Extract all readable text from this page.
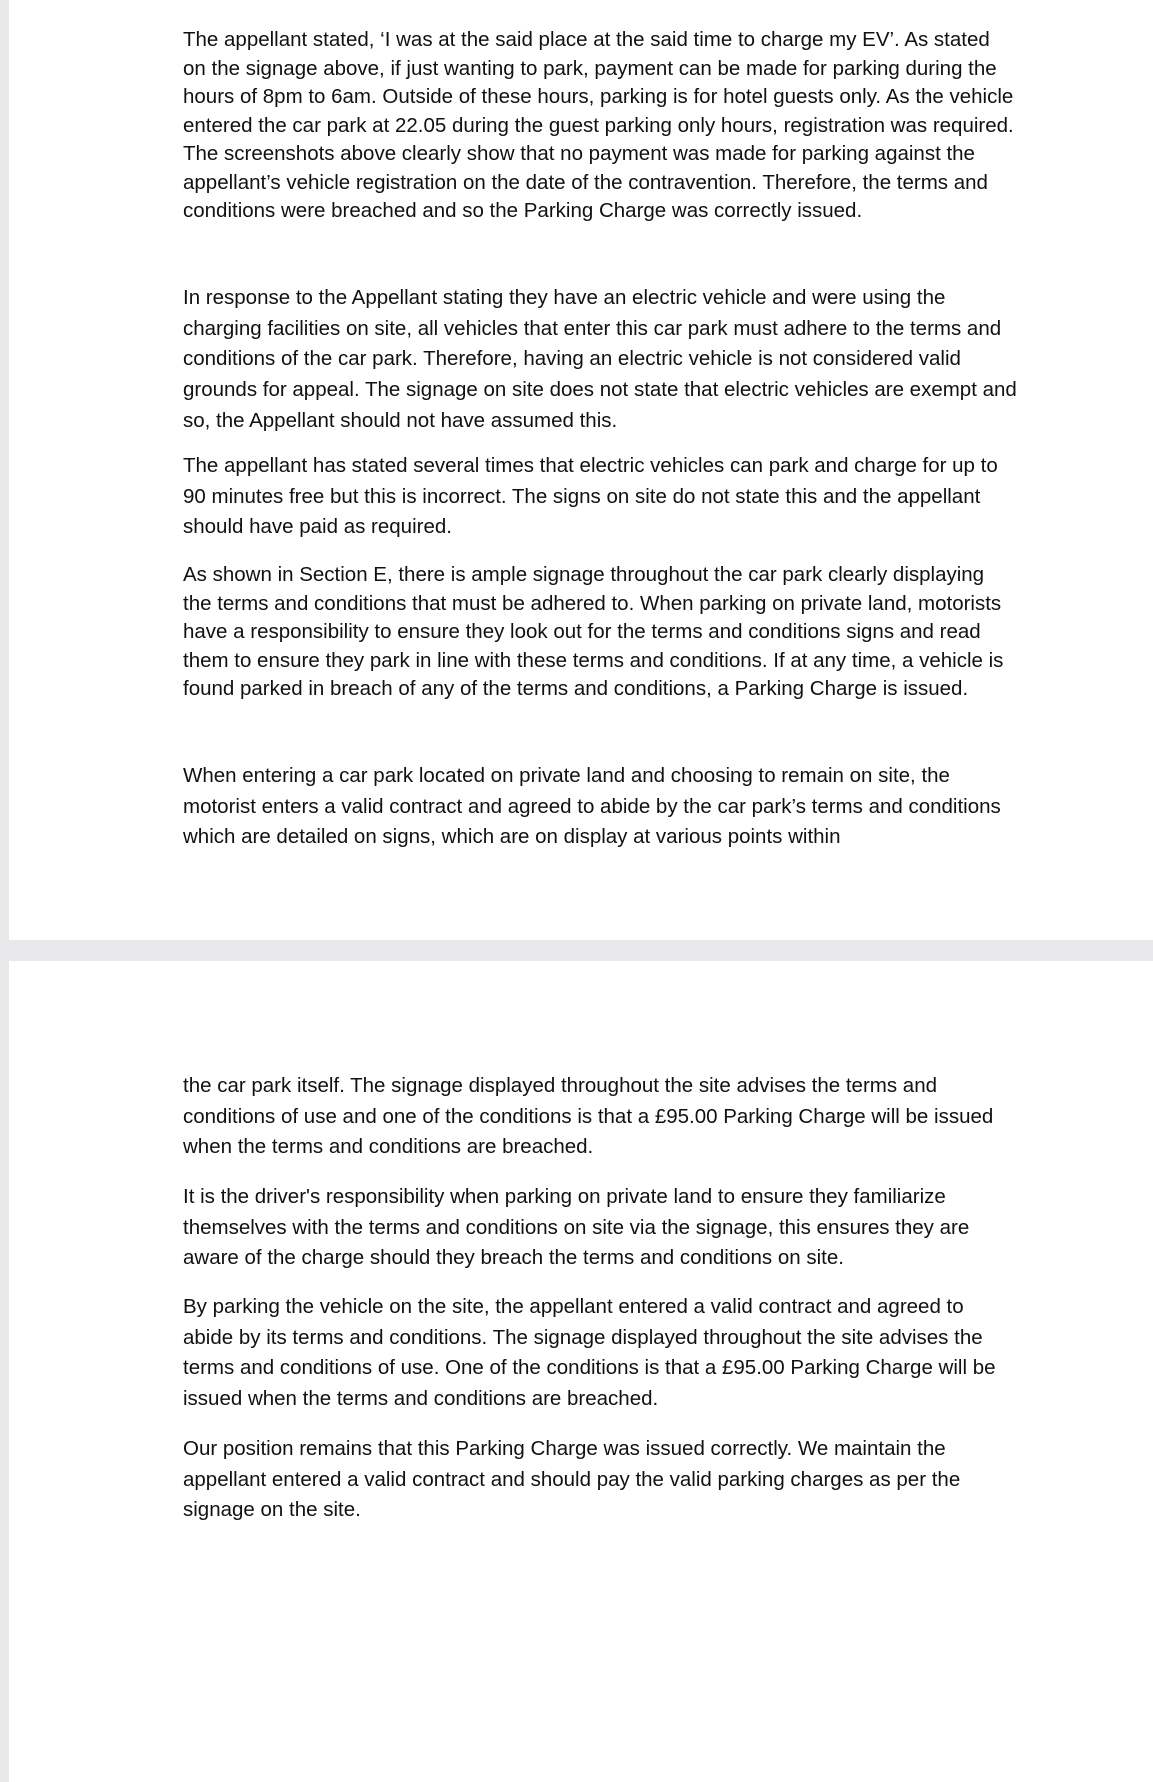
The appellant stated, ‘I was at the said place at the said time to charge my EV’. As stated on the signage above, if just wanting to park, payment can be made for parking during the hours of 8pm to 6am. Outside of these hours, parking is for hotel guests only. As the vehicle entered the car park at 22.05 during the guest parking only hours, registration was required. The screenshots above clearly show that no payment was made for parking against the appellant’s vehicle registration on the date of the contravention. Therefore, the terms and conditions were breached and so the Parking Charge was correctly issued.

In response to the Appellant stating they have an electric vehicle and were using the charging facilities on site, all vehicles that enter this car park must adhere to the terms and conditions of the car park. Therefore, having an electric vehicle is not considered valid grounds for appeal. The signage on site does not state that electric vehicles are exempt and so, the Appellant should not have assumed this.

The appellant has stated several times that electric vehicles can park and charge for up to 90 minutes free but this is incorrect. The signs on site do not state this and the appellant should have paid as required.

As shown in Section E, there is ample signage throughout the car park clearly displaying the terms and conditions that must be adhered to. When parking on private land, motorists have a responsibility to ensure they look out for the terms and conditions signs and read them to ensure they park in line with these terms and conditions. If at any time, a vehicle is found parked in breach of any of the terms and conditions, a Parking Charge is issued.

When entering a car park located on private land and choosing to remain on site, the motorist enters a valid contract and agreed to abide by the car park’s terms and conditions which are detailed on signs, which are on display at various points within

the car park itself. The signage displayed throughout the site advises the terms and conditions of use and one of the conditions is that a £95.00 Parking Charge will be issued when the terms and conditions are breached.

It is the driver's responsibility when parking on private land to ensure they familiarize themselves with the terms and conditions on site via the signage, this ensures they are aware of the charge should they breach the terms and conditions on site.

By parking the vehicle on the site, the appellant entered a valid contract and agreed to abide by its terms and conditions. The signage displayed throughout the site advises the terms and conditions of use. One of the conditions is that a £95.00 Parking Charge will be issued when the terms and conditions are breached.

Our position remains that this Parking Charge was issued correctly. We maintain the appellant entered a valid contract and should pay the valid parking charges as per the signage on the site.
